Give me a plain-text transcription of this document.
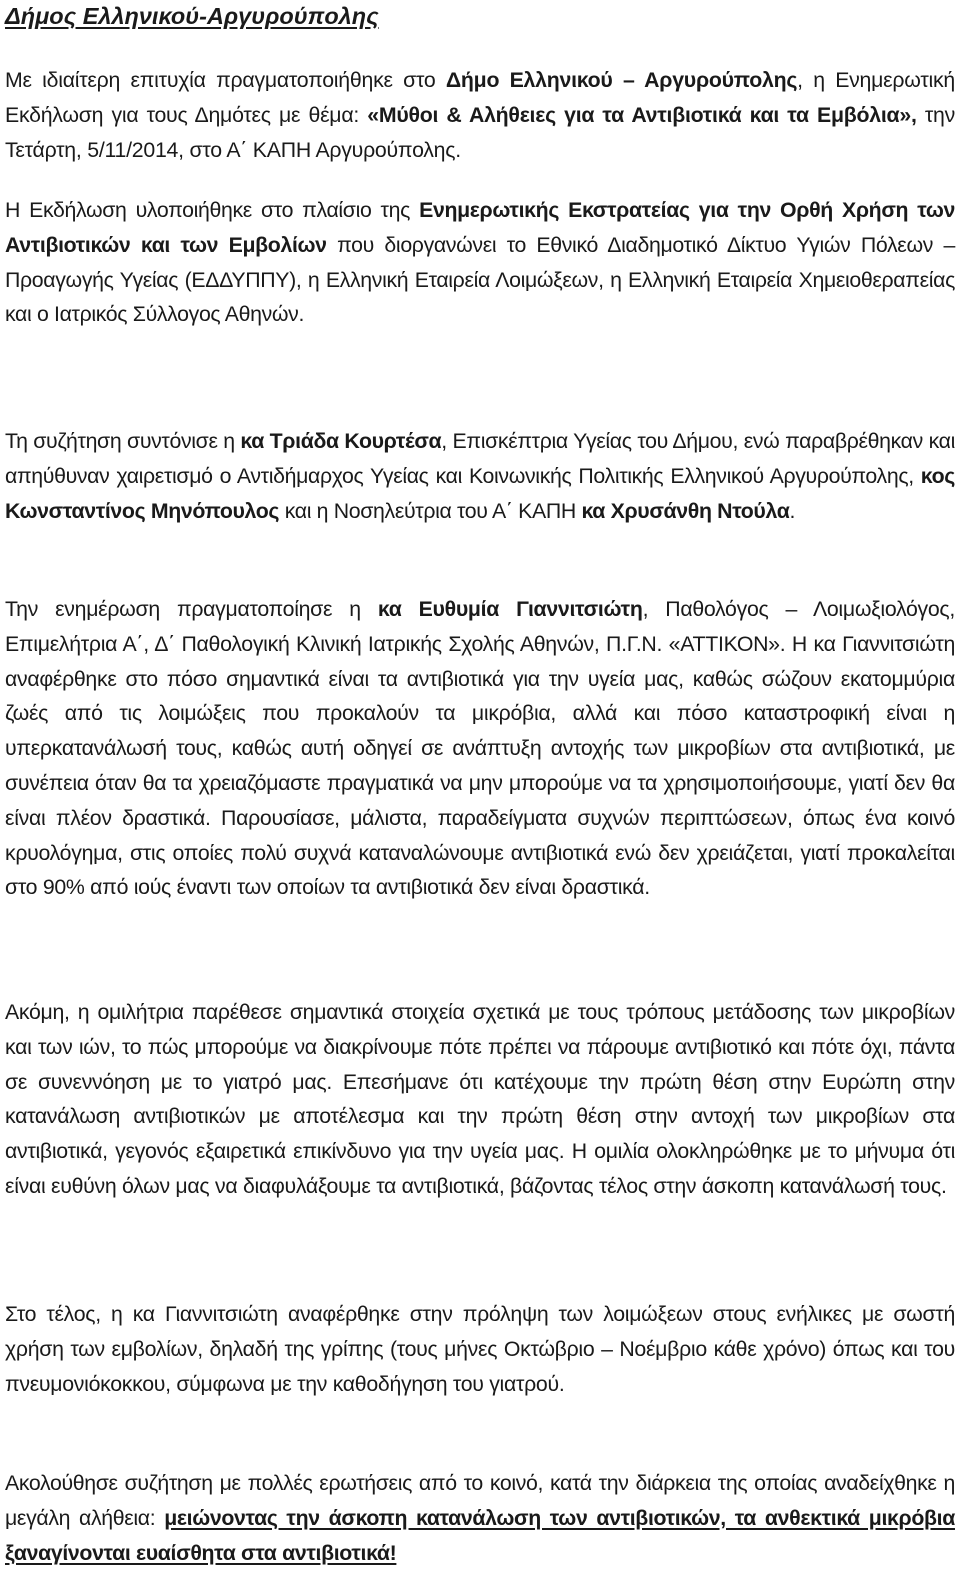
Δήμος Ελληνικού-Αργυρούπολης

Με ιδιαίτερη επιτυχία πραγματοποιήθηκε στο Δήμο Ελληνικού – Αργυρούπολης, η Ενημερωτική Εκδήλωση για τους Δημότες με θέμα: «Μύθοι & Αλήθειες για τα Αντιβιοτικά και τα Εμβόλια», την Τετάρτη, 5/11/2014, στο Α΄ ΚΑΠΗ Αργυρούπολης.

Η Εκδήλωση υλοποιήθηκε στο πλαίσιο της Ενημερωτικής Εκστρατείας για την Ορθή Χρήση των Αντιβιοτικών και των Εμβολίων που διοργανώνει το Εθνικό Διαδημοτικό Δίκτυο Υγιών Πόλεων – Προαγωγής Υγείας (ΕΔΔΥΠΠΥ), η Ελληνική Εταιρεία Λοιμώξεων, η Ελληνική Εταιρεία Χημειοθεραπείας και ο Ιατρικός Σύλλογος Αθηνών.

Τη συζήτηση συντόνισε η κα Τριάδα Κουρτέσα, Επισκέπτρια Υγείας του Δήμου, ενώ παραβρέθηκαν και απηύθυναν χαιρετισμό ο Αντιδήμαρχος Υγείας και Κοινωνικής Πολιτικής Ελληνικού Αργυρούπολης, κος Κωνσταντίνος Μηνόπουλος και η Νοσηλεύτρια του Α΄ ΚΑΠΗ κα Χρυσάνθη Ντούλα.

Την ενημέρωση πραγματοποίησε η κα Ευθυμία Γιαννιτσιώτη, Παθολόγος – Λοιμωξιολόγος, Επιμελήτρια Α΄, Δ΄ Παθολογική Κλινική Ιατρικής Σχολής Αθηνών, Π.Γ.Ν. «ΑΤΤΙΚΟΝ». Η κα Γιαννιτσιώτη αναφέρθηκε στο πόσο σημαντικά είναι τα αντιβιοτικά για την υγεία μας, καθώς σώζουν εκατομμύρια ζωές από τις λοιμώξεις που προκαλούν τα μικρόβια, αλλά και πόσο καταστροφική είναι η υπερκατανάλωσή τους, καθώς αυτή οδηγεί σε ανάπτυξη αντοχής των μικροβίων στα αντιβιοτικά, με συνέπεια όταν θα τα χρειαζόμαστε πραγματικά να μην μπορούμε να τα χρησιμοποιήσουμε, γιατί δεν θα είναι πλέον δραστικά. Παρουσίασε, μάλιστα, παραδείγματα συχνών περιπτώσεων, όπως ένα κοινό κρυολόγημα, στις οποίες πολύ συχνά καταναλώνουμε αντιβιοτικά ενώ δεν χρειάζεται, γιατί προκαλείται στο 90% από ιούς έναντι των οποίων τα αντιβιοτικά δεν είναι δραστικά.

Ακόμη, η ομιλήτρια παρέθεσε σημαντικά στοιχεία σχετικά με τους τρόπους μετάδοσης των μικροβίων και των ιών, το πώς μπορούμε να διακρίνουμε πότε πρέπει να πάρουμε αντιβιοτικό και πότε όχι, πάντα σε συνεννόηση με το γιατρό μας. Επεσήμανε ότι κατέχουμε την πρώτη θέση στην Ευρώπη στην κατανάλωση αντιβιοτικών με αποτέλεσμα και την πρώτη θέση στην αντοχή των μικροβίων στα αντιβιοτικά, γεγονός εξαιρετικά επικίνδυνο για την υγεία μας. Η ομιλία ολοκληρώθηκε με το μήνυμα ότι είναι ευθύνη όλων μας να διαφυλάξουμε τα αντιβιοτικά, βάζοντας τέλος στην άσκοπη κατανάλωσή τους.

Στο τέλος, η κα Γιαννιτσιώτη αναφέρθηκε στην πρόληψη των λοιμώξεων στους ενήλικες με σωστή χρήση των εμβολίων, δηλαδή της γρίπης (τους μήνες Οκτώβριο – Νοέμβριο κάθε χρόνο) όπως και του πνευμονιόκοκκου, σύμφωνα με την καθοδήγηση του γιατρού.

Ακολούθησε συζήτηση με πολλές ερωτήσεις από το κοινό, κατά την διάρκεια της οποίας αναδείχθηκε η μεγάλη αλήθεια: μειώνοντας την άσκοπη κατανάλωση των αντιβιοτικών, τα ανθεκτικά μικρόβια ξαναγίνονται ευαίσθητα στα αντιβιοτικά!
